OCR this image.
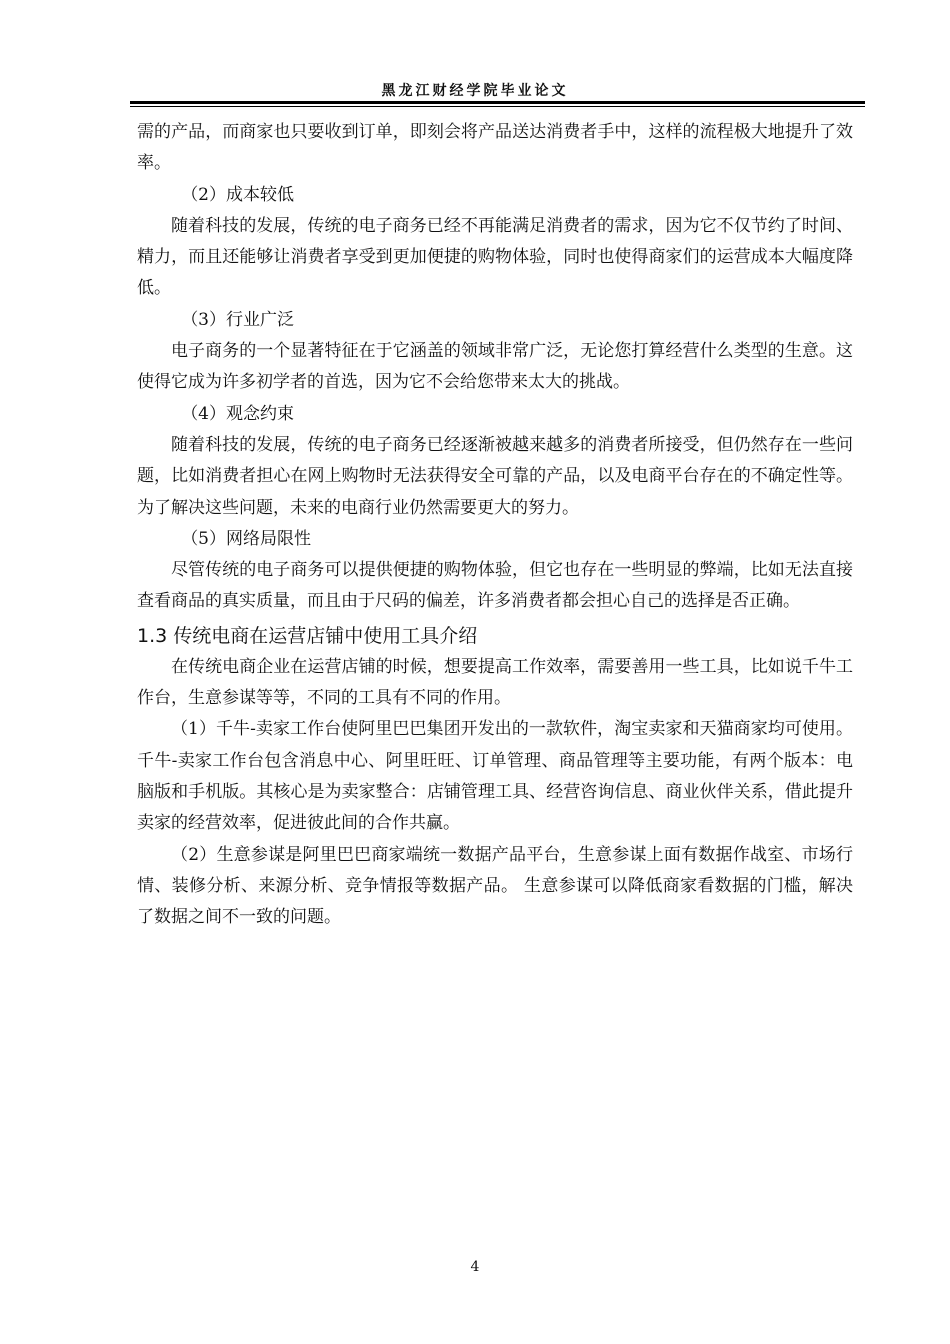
黑龙江财经学院毕业论文

需的产品，而商家也只要收到订单，即刻会将产品送达消费者手中，这样的流程极大地提升了效率。

（2）成本较低

随着科技的发展，传统的电子商务已经不再能满足消费者的需求，因为它不仅节约了时间、精力，而且还能够让消费者享受到更加便捷的购物体验，同时也使得商家们的运营成本大幅度降低。

（3）行业广泛

电子商务的一个显著特征在于它涵盖的领域非常广泛，无论您打算经营什么类型的生意。这使得它成为许多初学者的首选，因为它不会给您带来太大的挑战。

（4）观念约束

随着科技的发展，传统的电子商务已经逐渐被越来越多的消费者所接受，但仍然存在一些问题，比如消费者担心在网上购物时无法获得安全可靠的产品，以及电商平台存在的不确定性等。为了解决这些问题，未来的电商行业仍然需要更大的努力。

（5）网络局限性

尽管传统的电子商务可以提供便捷的购物体验，但它也存在一些明显的弊端，比如无法直接查看商品的真实质量，而且由于尺码的偏差，许多消费者都会担心自己的选择是否正确。

1.3 传统电商在运营店铺中使用工具介绍

在传统电商企业在运营店铺的时候，想要提高工作效率，需要善用一些工具，比如说千牛工作台，生意参谋等等，不同的工具有不同的作用。

（1）千牛-卖家工作台使阿里巴巴集团开发出的一款软件，淘宝卖家和天猫商家均可使用。千牛-卖家工作台包含消息中心、阿里旺旺、订单管理、商品管理等主要功能，有两个版本：电脑版和手机版。其核心是为卖家整合：店铺管理工具、经营咨询信息、商业伙伴关系，借此提升卖家的经营效率，促进彼此间的合作共赢。

（2）生意参谋是阿里巴巴商家端统一数据产品平台，生意参谋上面有数据作战室、市场行情、装修分析、来源分析、竞争情报等数据产品。 生意参谋可以降低商家看数据的门槛，解决了数据之间不一致的问题。

4
